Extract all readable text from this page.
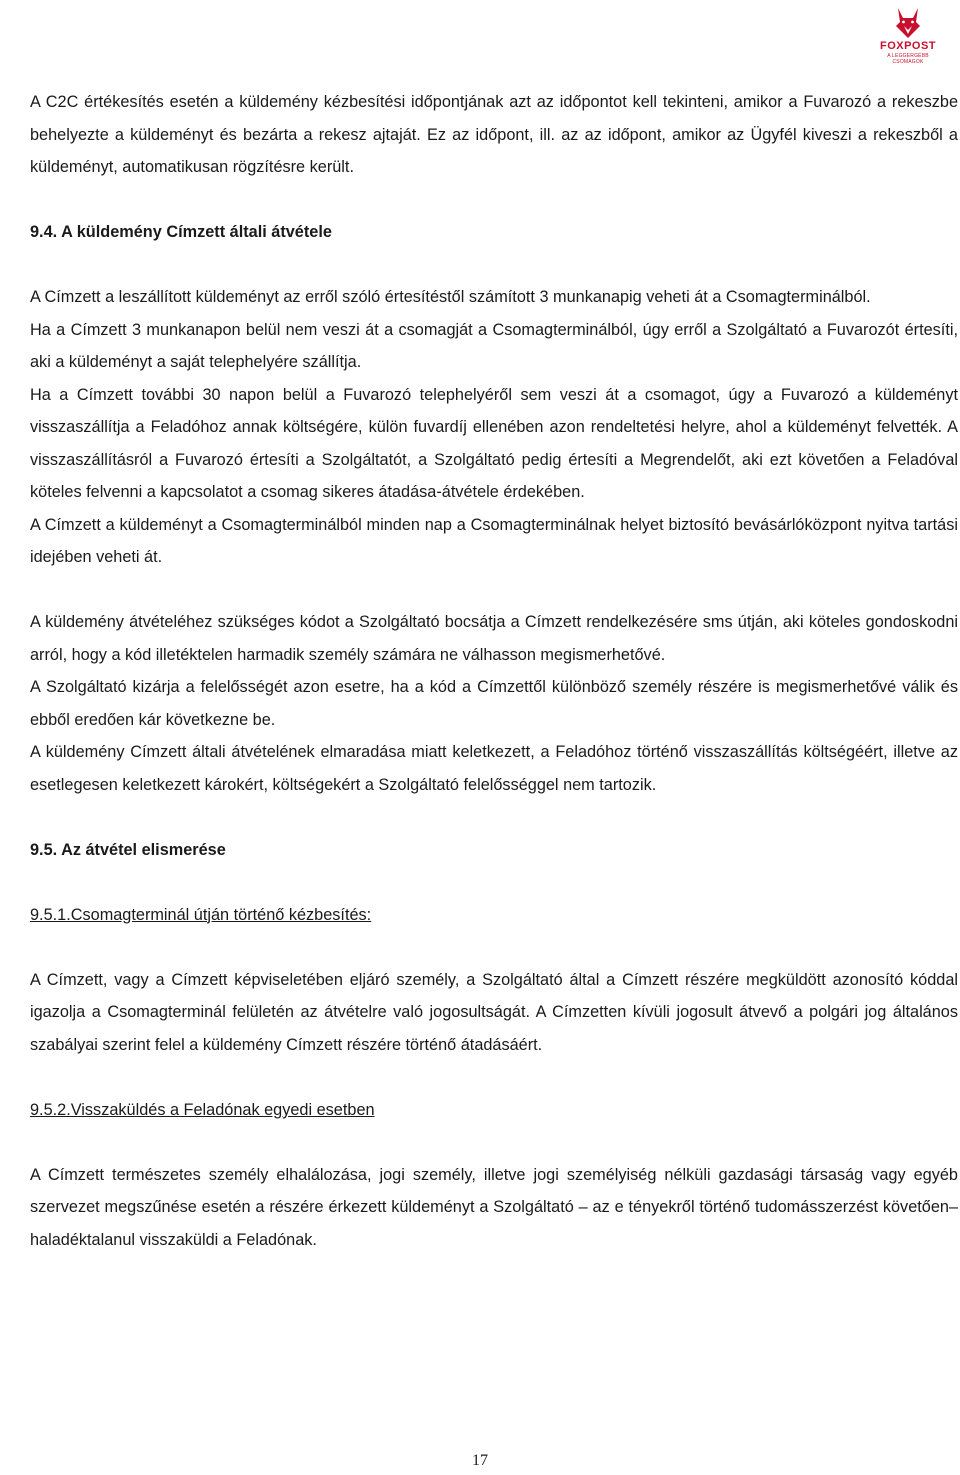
FOXPOST
A LEGGERGÉBB CSOMAGOK

A C2C értékesítés esetén a küldemény kézbesítési időpontjának azt az időpontot kell tekinteni, amikor a Fuvarozó a rekeszbe behelyezte a küldeményt és bezárta a rekesz ajtaját. Ez az időpont, ill. az az időpont, amikor az Ügyfél kiveszi a rekeszből a küldeményt, automatikusan rögzítésre került.

9.4. A küldemény Címzett általi átvétele

A Címzett a leszállított küldeményt az erről szóló értesítéstől számított 3 munkanapig veheti át a Csomagterminálból.

Ha a Címzett 3 munkanapon belül nem veszi át a csomagját a Csomagterminálból, úgy erről a Szolgáltató a Fuvarozót értesíti, aki a küldeményt a saját telephelyére szállítja.

Ha a Címzett további 30 napon belül a Fuvarozó telephelyéről sem veszi át a csomagot, úgy a Fuvarozó a küldeményt visszaszállítja a Feladóhoz annak költségére, külön fuvardíj ellenében azon rendeltetési helyre, ahol a küldeményt felvették. A visszaszállításról a Fuvarozó értesíti a Szolgáltatót, a Szolgáltató pedig értesíti a Megrendelőt, aki ezt követően a Feladóval köteles felvenni a kapcsolatot a csomag sikeres átadása-átvétele érdekében.

A Címzett a küldeményt a Csomagterminálból minden nap a Csomagterminálnak helyet biztosító bevásárlóközpont nyitva tartási idejében veheti át.

A küldemény átvételéhez szükséges kódot a Szolgáltató bocsátja a Címzett rendelkezésére sms útján, aki köteles gondoskodni arról, hogy a kód illetéktelen harmadik személy számára ne válhasson megismerhetővé.

A Szolgáltató kizárja a felelősségét azon esetre, ha a kód a Címzettől különböző személy részére is megismerhetővé válik és ebből eredően kár következne be.

A küldemény Címzett általi átvételének elmaradása miatt keletkezett, a Feladóhoz történő visszaszállítás költségéért, illetve az esetlegesen keletkezett károkért, költségekért a Szolgáltató felelősséggel nem tartozik.

9.5. Az átvétel elismerése

9.5.1.Csomagterminál útján történő kézbesítés:

A Címzett, vagy a Címzett képviseletében eljáró személy, a Szolgáltató által a Címzett részére megküldött azonosító kóddal igazolja a Csomagterminál felületén az átvételre való jogosultságát. A Címzetten kívüli jogosult átvevő a polgári jog általános szabályai szerint felel a küldemény Címzett részére történő átadásáért.

9.5.2.Visszaküldés a Feladónak egyedi esetben

A Címzett természetes személy elhalálozása, jogi személy, illetve jogi személyiség nélküli gazdasági társaság vagy egyéb szervezet megszűnése esetén a részére érkezett küldeményt a Szolgáltató – az e tényekről történő tudomásszerzést követően– haladéktalanul visszaküldi a Feladónak.

17
